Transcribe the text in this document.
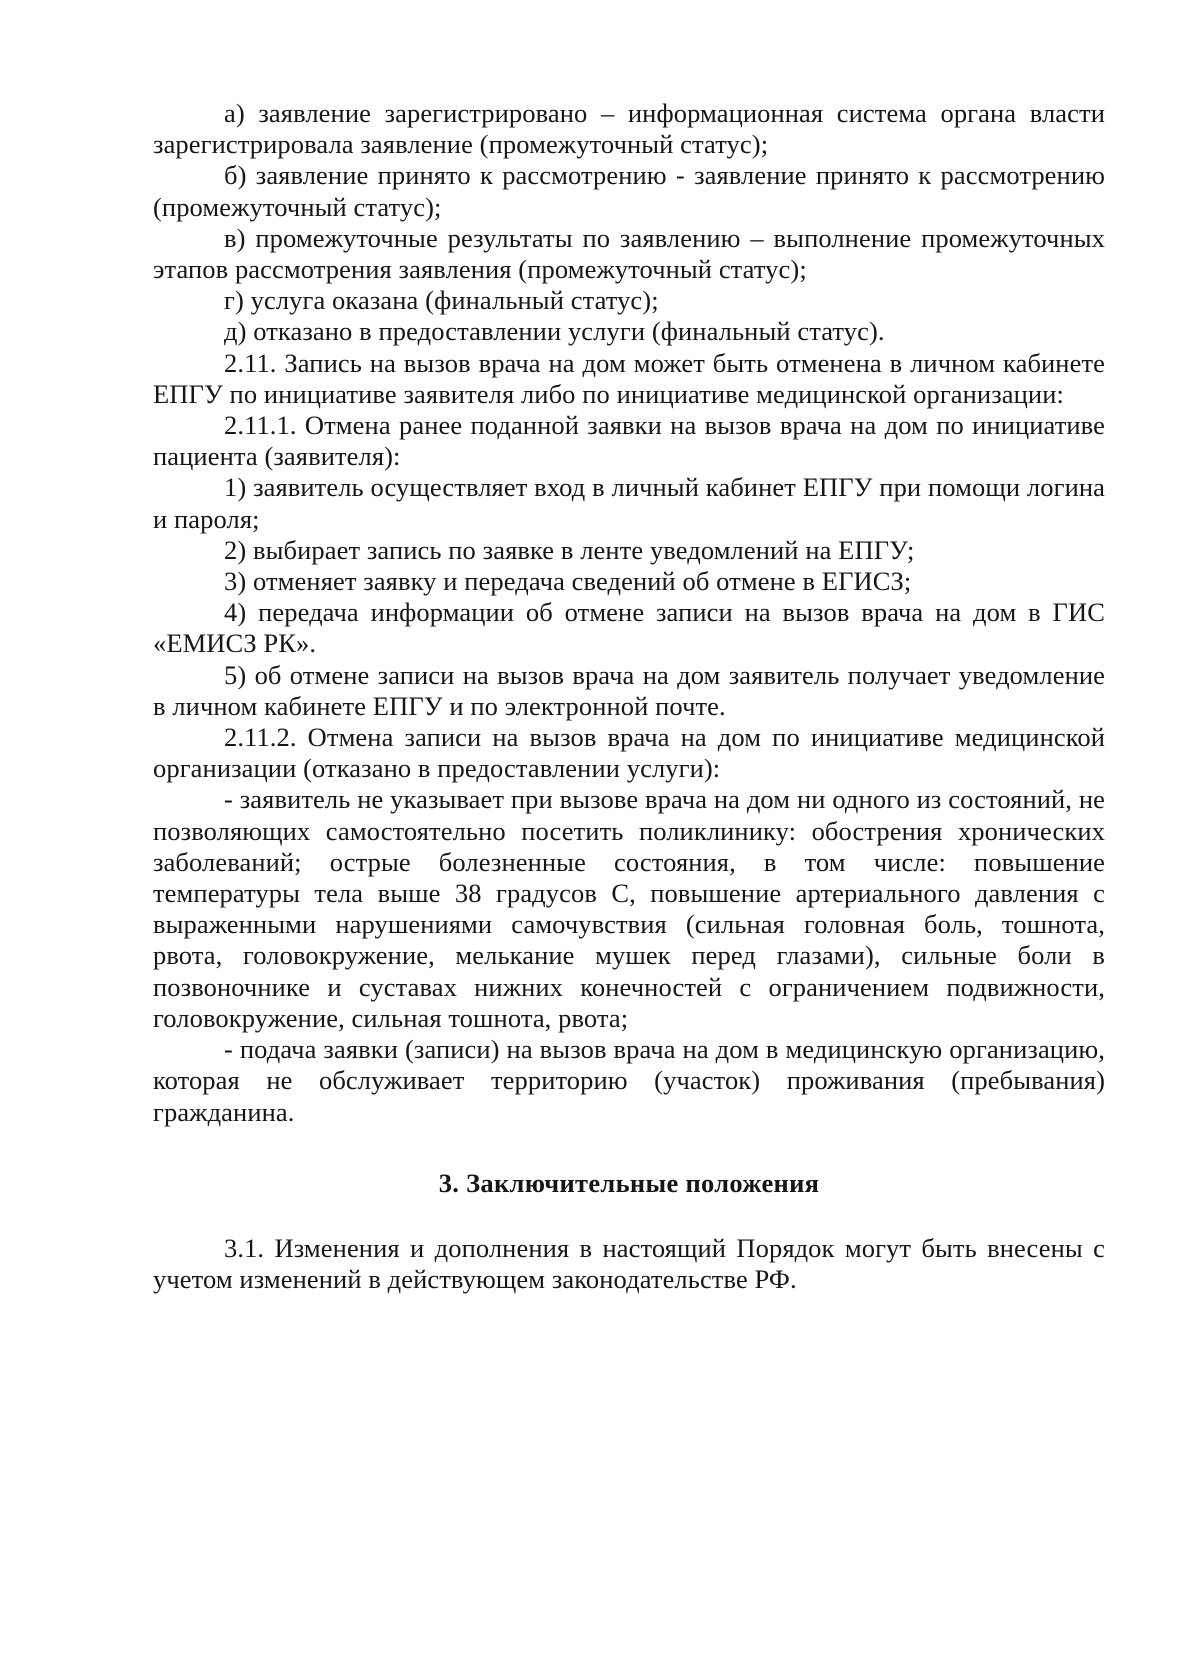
а) заявление зарегистрировано – информационная система органа власти зарегистрировала заявление (промежуточный статус);

б) заявление принято к рассмотрению - заявление принято к рассмотрению (промежуточный статус);

в) промежуточные результаты по заявлению – выполнение промежуточных этапов рассмотрения заявления (промежуточный статус);

г) услуга оказана (финальный статус);

д) отказано в предоставлении услуги (финальный статус).

2.11. Запись на вызов врача на дом может быть отменена в личном кабинете ЕПГУ по инициативе заявителя либо по инициативе медицинской организации:

2.11.1. Отмена ранее поданной заявки на вызов врача на дом по инициативе пациента (заявителя):

1) заявитель осуществляет вход в личный кабинет ЕПГУ при помощи логина и пароля;

2) выбирает запись по заявке в ленте уведомлений на ЕПГУ;

3) отменяет заявку и передача сведений об отмене в ЕГИСЗ;

4) передача информации об отмене записи на вызов врача на дом в ГИС «ЕМИСЗ РК».

5) об отмене записи на вызов врача на дом заявитель получает уведомление в личном кабинете ЕПГУ и по электронной почте.

2.11.2. Отмена записи на вызов врача на дом по инициативе медицинской организации (отказано в предоставлении услуги):

- заявитель не указывает при вызове врача на дом ни одного из состояний, не позволяющих самостоятельно посетить поликлинику: обострения хронических заболеваний; острые болезненные состояния, в том числе: повышение температуры тела выше 38 градусов С, повышение артериального давления с выраженными нарушениями самочувствия (сильная головная боль, тошнота, рвота, головокружение, мелькание мушек перед глазами), сильные боли в позвоночнике и суставах нижних конечностей с ограничением подвижности, головокружение, сильная тошнота, рвота;

- подача заявки (записи) на вызов врача на дом в медицинскую организацию, которая не обслуживает территорию (участок) проживания (пребывания) гражданина.

3. Заключительные положения

3.1. Изменения и дополнения в настоящий Порядок могут быть внесены с учетом изменений в действующем законодательстве РФ.
